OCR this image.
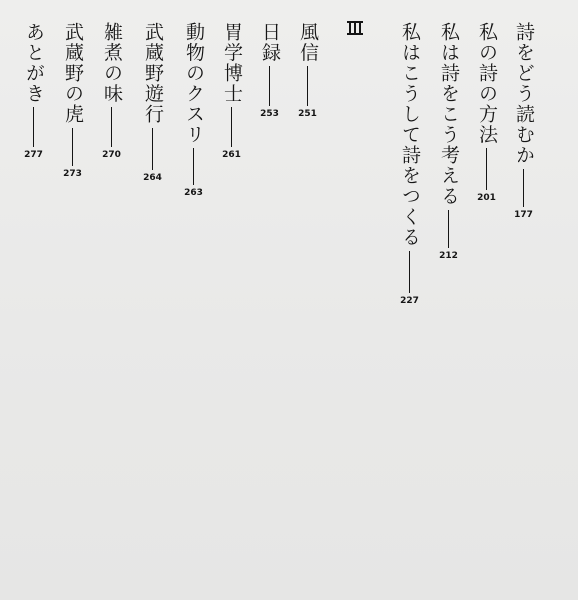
詩をどう読むか
177
私の詩の方法
201
私は詩をこう考える
212
私はこうして詩をつくる
227
風信
251
日録
253
胃学博士
261
動物のクスリ
263
武蔵野遊行
264
雑煮の味
270
武蔵野の虎
273
あとがき
277
